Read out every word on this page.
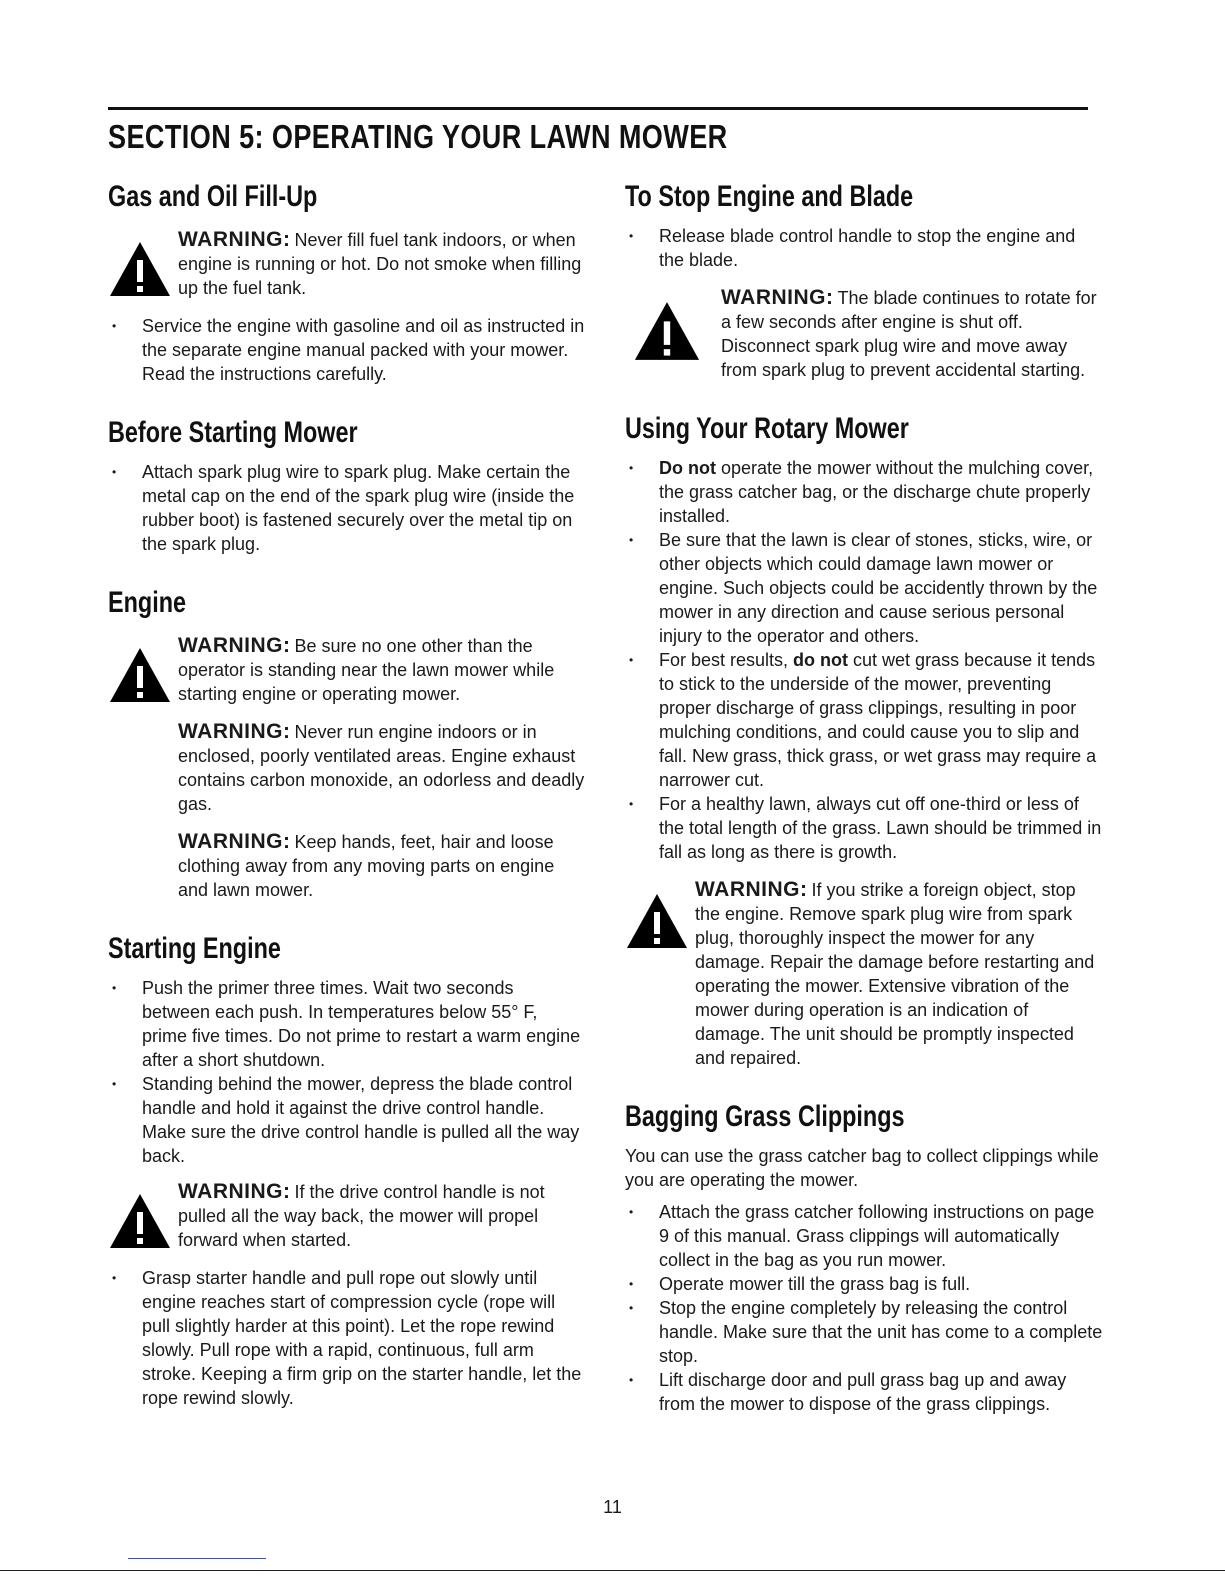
SECTION 5: OPERATING YOUR LAWN MOWER
Gas and Oil Fill-Up
WARNING: Never fill fuel tank indoors, or when engine is running or hot. Do not smoke when filling up the fuel tank.
• Service the engine with gasoline and oil as instructed in the separate engine manual packed with your mower. Read the instructions carefully.
Before Starting Mower
• Attach spark plug wire to spark plug. Make certain the metal cap on the end of the spark plug wire (inside the rubber boot) is fastened securely over the metal tip on the spark plug.
Engine
WARNING: Be sure no one other than the operator is standing near the lawn mower while starting engine or operating mower.
WARNING: Never run engine indoors or in enclosed, poorly ventilated areas. Engine exhaust contains carbon monoxide, an odorless and deadly gas.
WARNING: Keep hands, feet, hair and loose clothing away from any moving parts on engine and lawn mower.
Starting Engine
• Push the primer three times. Wait two seconds between each push. In temperatures below 55° F, prime five times. Do not prime to restart a warm engine after a short shutdown.
• Standing behind the mower, depress the blade control handle and hold it against the drive control handle. Make sure the drive control handle is pulled all the way back.
WARNING: If the drive control handle is not pulled all the way back, the mower will propel forward when started.
• Grasp starter handle and pull rope out slowly until engine reaches start of compression cycle (rope will pull slightly harder at this point). Let the rope rewind slowly. Pull rope with a rapid, continuous, full arm stroke. Keeping a firm grip on the starter handle, let the rope rewind slowly.
To Stop Engine and Blade
• Release blade control handle to stop the engine and the blade.
WARNING: The blade continues to rotate for a few seconds after engine is shut off. Disconnect spark plug wire and move away from spark plug to prevent accidental starting.
Using Your Rotary Mower
• Do not operate the mower without the mulching cover, the grass catcher bag, or the discharge chute properly installed.
• Be sure that the lawn is clear of stones, sticks, wire, or other objects which could damage lawn mower or engine. Such objects could be accidently thrown by the mower in any direction and cause serious personal injury to the operator and others.
• For best results, do not cut wet grass because it tends to stick to the underside of the mower, preventing proper discharge of grass clippings, resulting in poor mulching conditions, and could cause you to slip and fall. New grass, thick grass, or wet grass may require a narrower cut.
• For a healthy lawn, always cut off one-third or less of the total length of the grass. Lawn should be trimmed in fall as long as there is growth.
WARNING: If you strike a foreign object, stop the engine. Remove spark plug wire from spark plug, thoroughly inspect the mower for any damage. Repair the damage before restarting and operating the mower. Extensive vibration of the mower during operation is an indication of damage. The unit should be promptly inspected and repaired.
Bagging Grass Clippings

You can use the grass catcher bag to collect clippings while you are operating the mower.

• Attach the grass catcher following instructions on page 9 of this manual. Grass clippings will automatically collect in the bag as you run mower.
• Operate mower till the grass bag is full.
• Stop the engine completely by releasing the control handle. Make sure that the unit has come to a complete stop.
• Lift discharge door and pull grass bag up and away from the mower to dispose of the grass clippings.
11
